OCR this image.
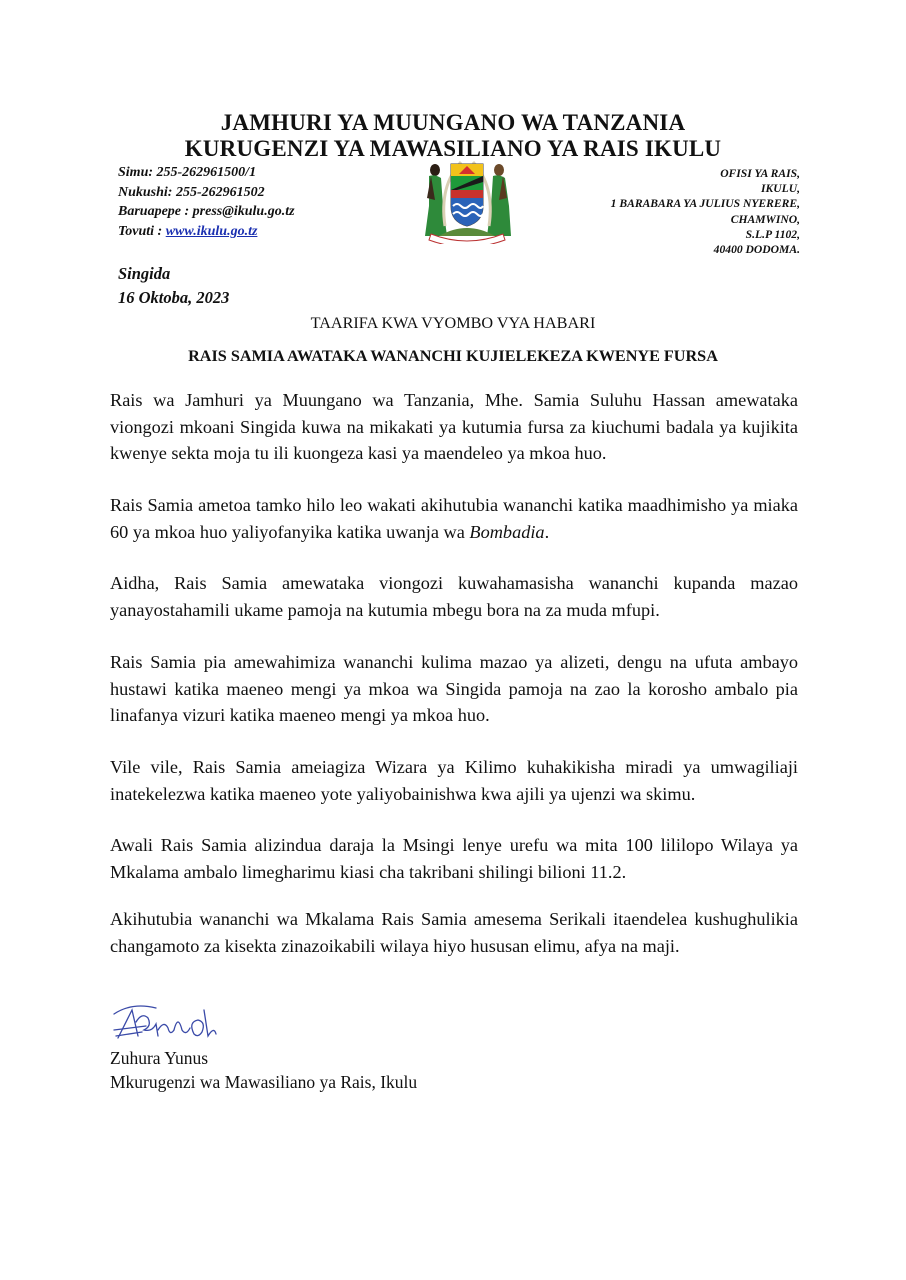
JAMHURI YA MUUNGANO WA TANZANIA
KURUGENZI YA MAWASILIANO YA RAIS IKULU
Simu: 255-262961500/1
Nukushi: 255-262961502
Baruapepe : press@ikulu.go.tz
Tovuti : www.ikulu.go.tz
OFISI YA RAIS,
IKULU,
1 BARABARA YA JULIUS NYERERE,
CHAMWINO,
S.L.P 1102,
40400 DODOMA.
Singida
16 Oktoba, 2023
TAARIFA KWA VYOMBO VYA HABARI
RAIS SAMIA AWATAKA WANANCHI KUJIELEKEZA KWENYE FURSA

Rais wa Jamhuri ya Muungano wa Tanzania, Mhe. Samia Suluhu Hassan amewataka viongozi mkoani Singida kuwa na mikakati ya kutumia fursa za kiuchumi badala ya kujikita kwenye sekta moja tu ili kuongeza kasi ya maendeleo ya mkoa huo.

Rais Samia ametoa tamko hilo leo wakati akihutubia wananchi katika maadhimisho ya miaka 60 ya mkoa huo yaliyofanyika katika uwanja wa Bombadia.

Aidha, Rais Samia amewataka viongozi kuwahamasisha wananchi kupanda mazao yanayostahamili ukame pamoja na kutumia mbegu bora na za muda mfupi.

Rais Samia pia amewahimiza wananchi kulima mazao ya alizeti, dengu na ufuta ambayo hustawi katika maeneo mengi ya mkoa wa Singida pamoja na zao la korosho ambalo pia linafanya vizuri katika maeneo mengi ya mkoa huo.

Vile vile, Rais Samia ameiagiza Wizara ya Kilimo kuhakikisha miradi ya umwagiliaji inatekelezwa katika maeneo yote yaliyobainishwa kwa ajili ya ujenzi wa skimu.

Awali Rais Samia alizindua daraja la Msingi lenye urefu wa mita 100 lililopo Wilaya ya Mkalama ambalo limegharimu kiasi cha takribani shilingi bilioni 11.2.

Akihutubia wananchi wa Mkalama Rais Samia amesema Serikali itaendelea kushughulikia changamoto za kisekta zinazoikabili wilaya hiyo hususan elimu, afya na maji.

Zuhura Yunus
Mkurugenzi wa Mawasiliano ya Rais, Ikulu
